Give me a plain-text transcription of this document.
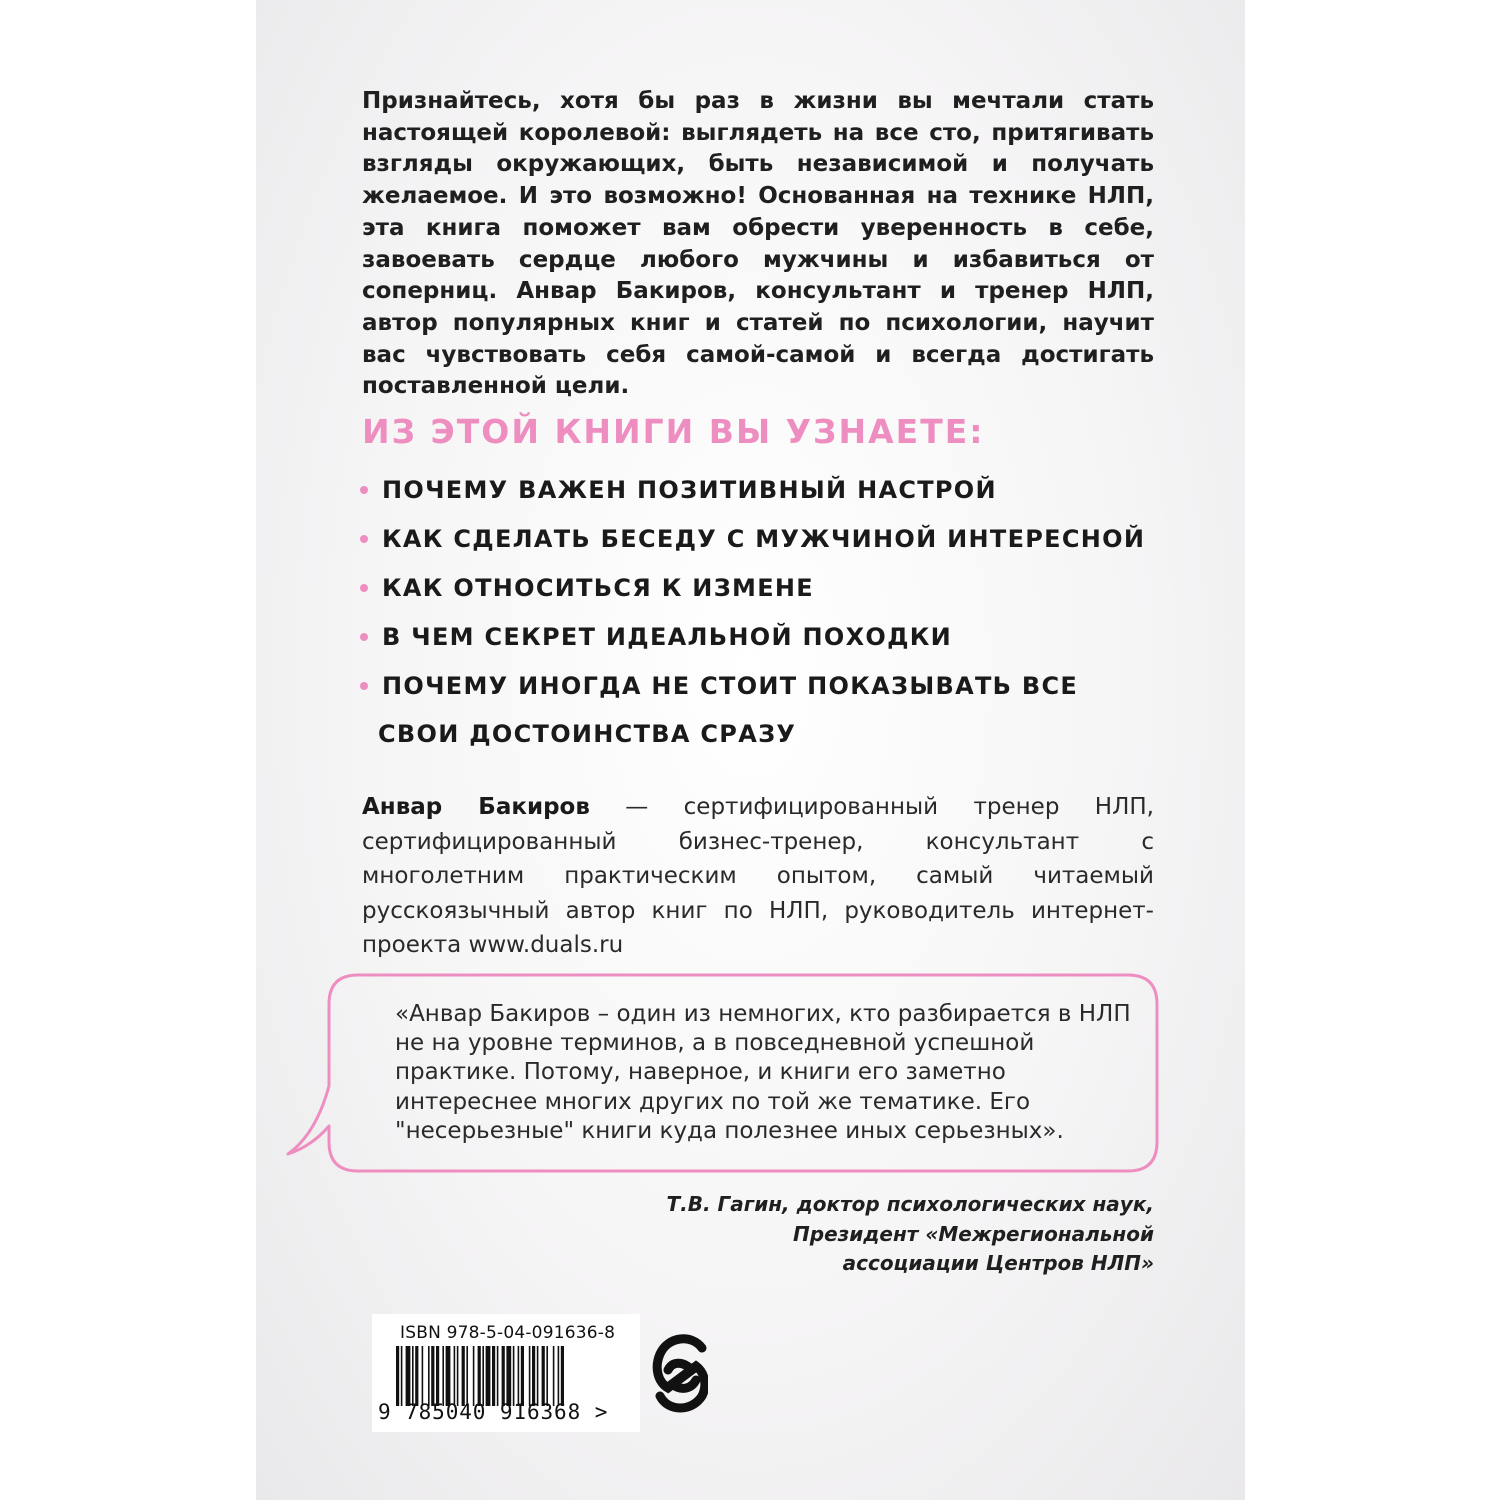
Признайтесь, хотя бы раз в жизни вы мечтали стать настоящей королевой: выглядеть на все сто, притягивать взгляды окружающих, быть независимой и получать желаемое. И это возможно! Основанная на технике НЛП, эта книга поможет вам обрести уверенность в себе, завоевать сердце любого мужчины и избавиться от соперниц. Анвар Бакиров, консультант и тренер НЛП, автор популярных книг и статей по психологии, научит вас чувствовать себя самой-самой и всегда достигать поставленной цели.

ИЗ ЭТОЙ КНИГИ ВЫ УЗНАЕТЕ:
ПОЧЕМУ ВАЖЕН ПОЗИТИВНЫЙ НАСТРОЙ
КАК СДЕЛАТЬ БЕСЕДУ С МУЖЧИНОЙ ИНТЕРЕСНОЙ
КАК ОТНОСИТЬСЯ К ИЗМЕНЕ
В ЧЕМ СЕКРЕТ ИДЕАЛЬНОЙ ПОХОДКИ
ПОЧЕМУ ИНОГДА НЕ СТОИТ ПОКАЗЫВАТЬ ВСЕ
СВОИ ДОСТОИНСТВА СРАЗУ

Анвар Бакиров — сертифицированный тренер НЛП, сертифицированный бизнес-тренер, консультант с многолетним практическим опытом, самый читаемый русскоязычный автор книг по НЛП, руководитель интернет-проекта www.duals.ru

«Анвар Бакиров – один из немногих, кто разбирается в НЛП не на уровне терминов, а в повседневной успешной практике. Потому, наверное, и книги его заметно интереснее многих других по той же тематике. Его "несерьезные" книги куда полезнее иных серьезных».

Т.В. Гагин, доктор психологических наук,
Президент «Межрегиональной
ассоциации Центров НЛП»

ISBN 978-5-04-091636-8
9 785040 916368 >
